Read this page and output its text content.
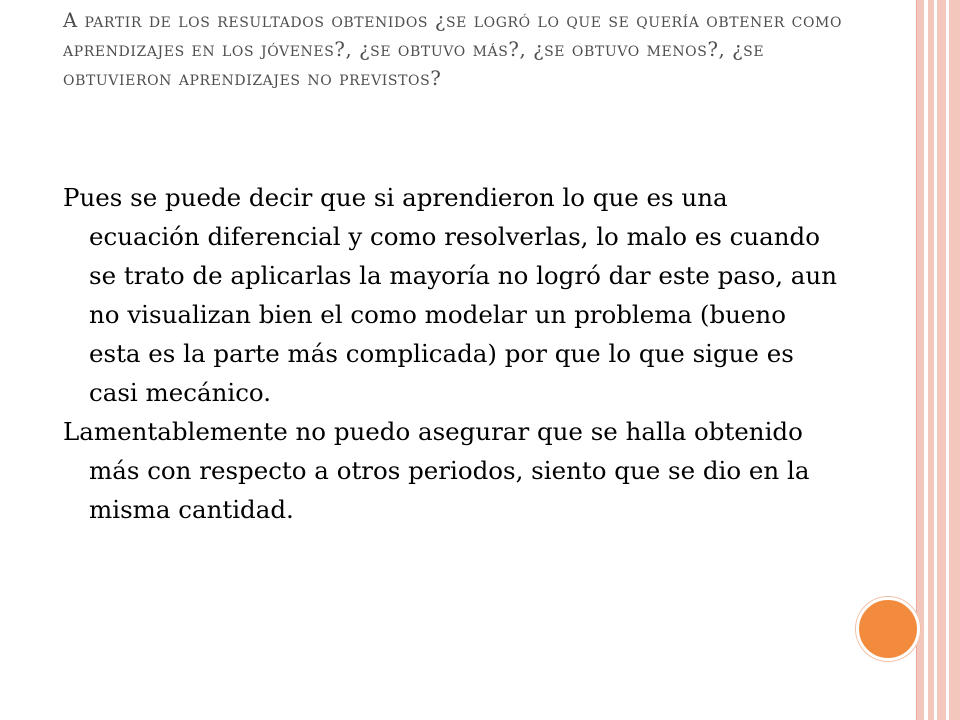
A partir de los resultados obtenidos ¿se logró lo que se quería obtener como aprendizajes en los jóvenes?, ¿se obtuvo más?, ¿se obtuvo menos?, ¿se obtuvieron aprendizajes no previstos?

Pues se puede decir que si aprendieron lo que es una ecuación diferencial y como resolverlas, lo malo es cuando se trato de aplicarlas la mayoría no logró dar este paso, aun no visualizan bien el como modelar un problema (bueno esta es la parte más complicada) por que lo que sigue es casi mecánico.

Lamentablemente no puedo asegurar que se halla obtenido más con respecto a otros periodos, siento que se dio en la misma cantidad.
